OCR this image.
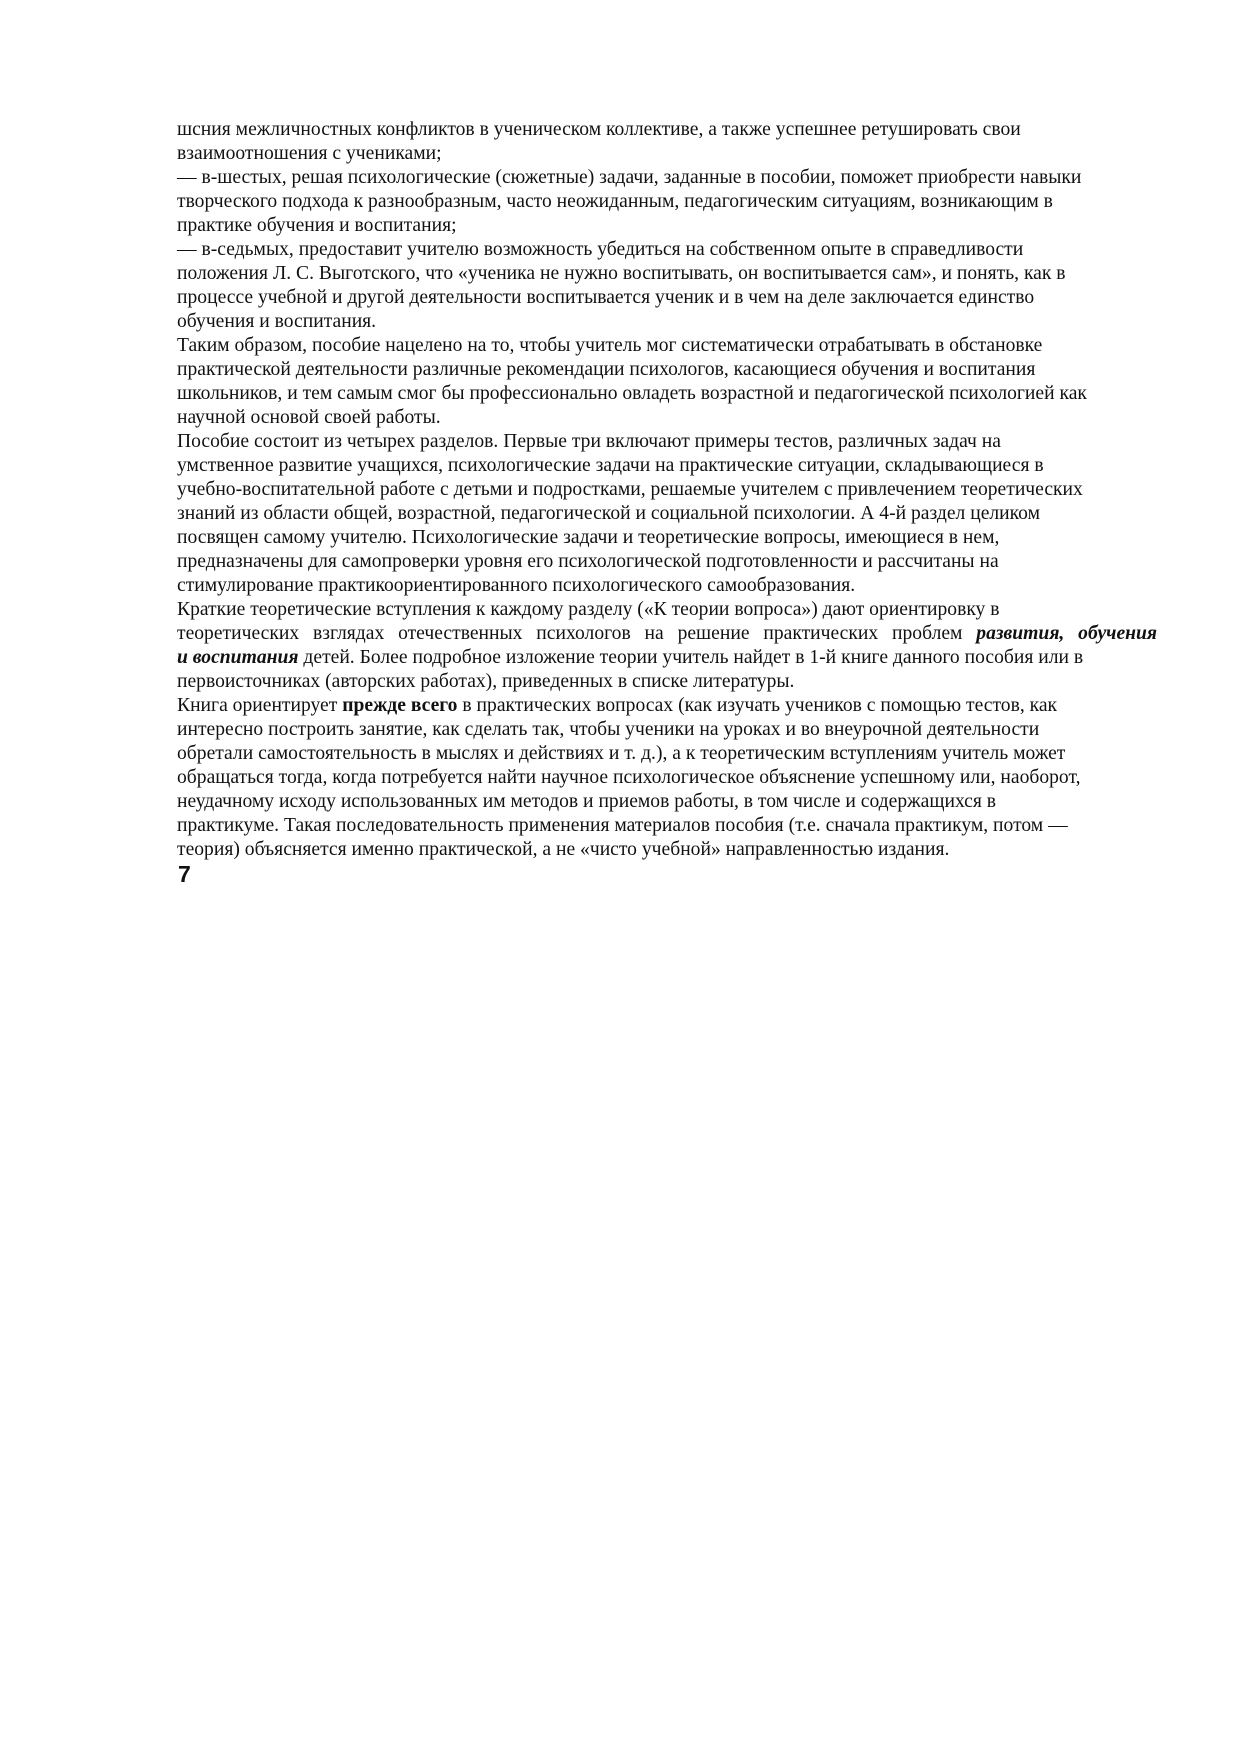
шсния межличностных конфликтов в ученическом коллективе, а также успешнее ретушировать свои
взаимоотношения с учениками;
— в-шестых, решая психологические (сюжетные) задачи, заданные в пособии, поможет приобрести навыки
творческого подхода к разнообразным, часто неожиданным, педагогическим ситуациям, возникающим в
практике обучения и воспитания;
— в-седьмых, предоставит учителю возможность убедиться на собственном опыте в справедливости
положения Л. С. Выготского, что «ученика не нужно воспитывать, он воспитывается сам», и понять, как в
процессе учебной и другой деятельности воспитывается ученик и в чем на деле заключается единство
обучения и воспитания.
Таким образом, пособие нацелено на то, чтобы учитель мог систематически отрабатывать в обстановке
практической деятельности различные рекомендации психологов, касающиеся обучения и воспитания
школьников, и тем самым смог бы профессионально овладеть возрастной и педагогической психологией как
научной основой своей работы.
Пособие состоит из четырех разделов. Первые три включают примеры тестов, различных задач на
умственное развитие учащихся, психологические задачи на практические ситуации, складывающиеся в
учебно-воспитательной работе с детьми и подростками, решаемые учителем с привлечением теоретических
знаний из области общей, возрастной, педагогической и социальной психологии. А 4-й раздел целиком
посвящен самому учителю. Психологические задачи и теоретические вопросы, имеющиеся в нем,
предназначены для самопроверки уровня его психологической подготовленности и рассчитаны на
стимулирование практикоориентированного психологического самообразования.
Краткие теоретические вступления к каждому разделу («К теории вопроса») дают ориентировку в
теоретических взглядах отечественных психологов на решение практических проблем развития, обучения
и воспитания детей. Более подробное изложение теории учитель найдет в 1-й книге данного пособия или в
первоисточниках (авторских работах), приведенных в списке литературы.
Книга ориентирует прежде всего в практических вопросах (как изучать учеников с помощью тестов, как
интересно построить занятие, как сделать так, чтобы ученики на уроках и во внеурочной деятельности
обретали самостоятельность в мыслях и действиях и т. д.), а к теоретическим вступлениям учитель может
обращаться тогда, когда потребуется найти научное психологическое объяснение успешному или, наоборот,
неудачному исходу использованных им методов и приемов работы, в том числе и содержащихся в
практикуме. Такая последовательность применения материалов пособия (т.е. сначала практикум, потом —
теория) объясняется именно практической, а не «чисто учебной» направленностью издания.
7
